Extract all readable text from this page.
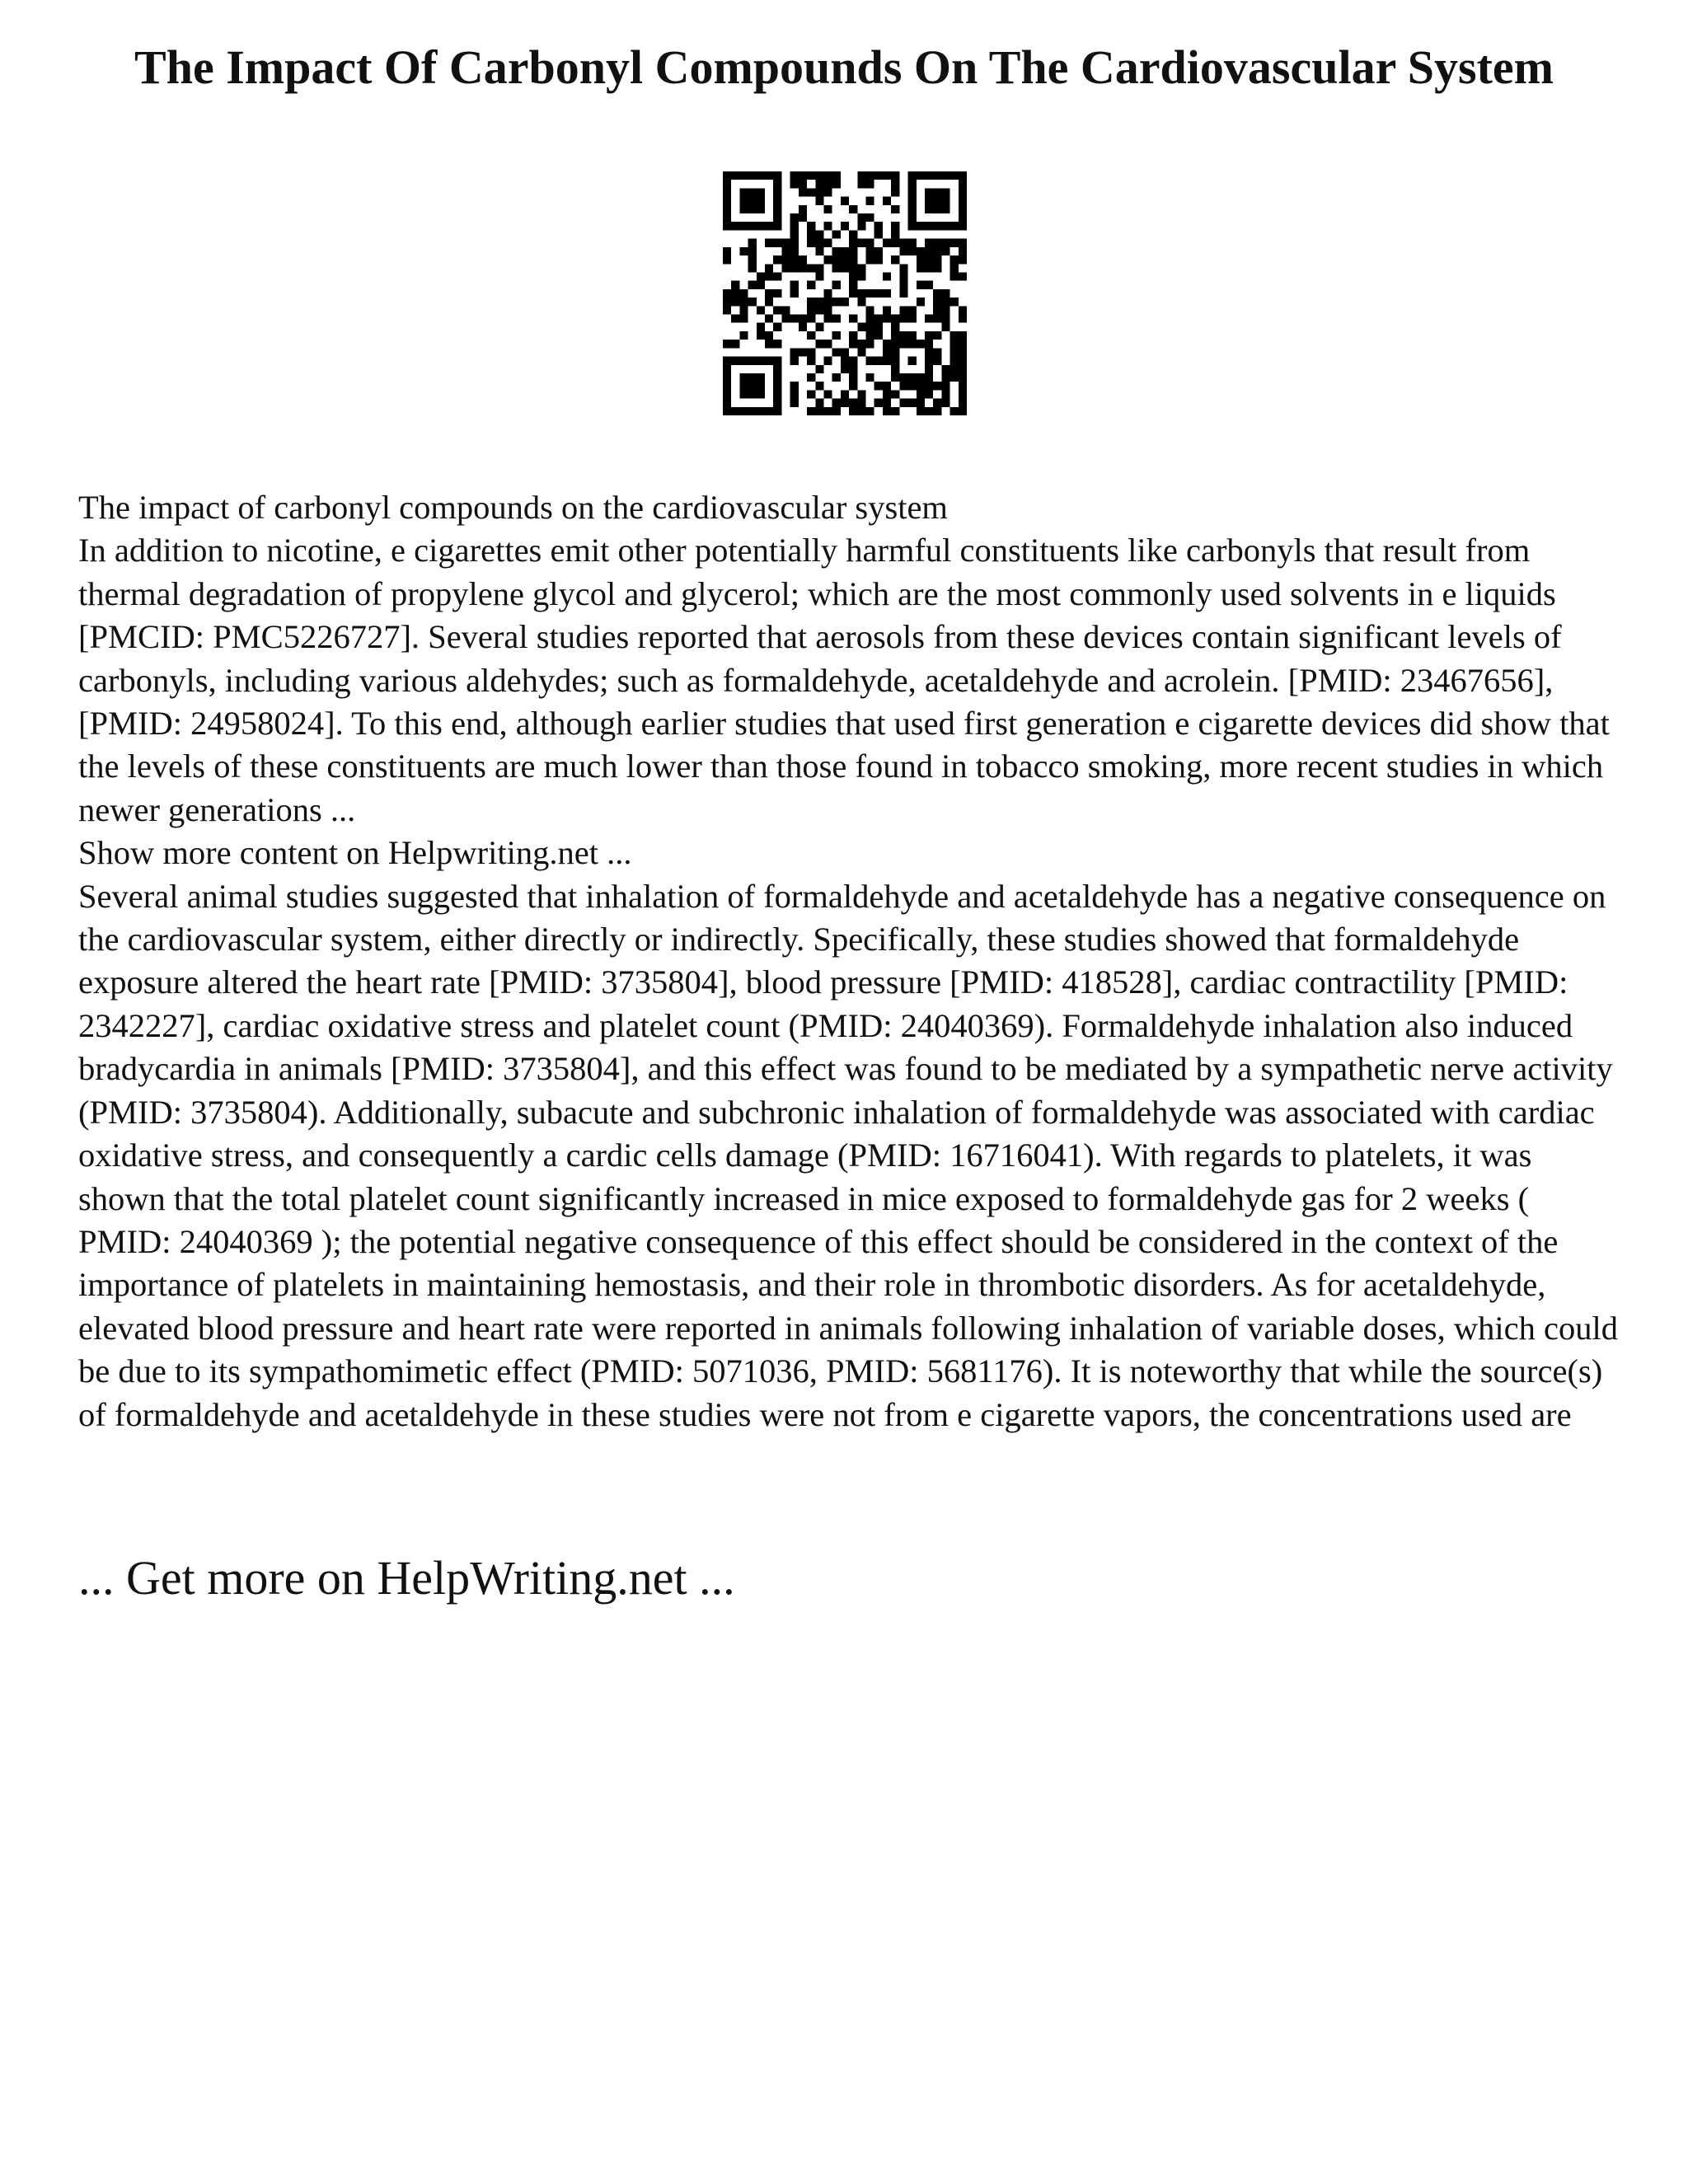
The Impact Of Carbonyl Compounds On The Cardiovascular System

The impact of carbonyl compounds on the cardiovascular system

In addition to nicotine, e cigarettes emit other potentially harmful constituents like carbonyls that result from thermal degradation of propylene glycol and glycerol; which are the most commonly used solvents in e liquids [PMCID: PMC5226727]. Several studies reported that aerosols from these devices contain significant levels of carbonyls, including various aldehydes; such as formaldehyde, acetaldehyde and acrolein. [PMID: 23467656], [PMID: 24958024]. To this end, although earlier studies that used first generation e cigarette devices did show that the levels of these constituents are much lower than those found in tobacco smoking, more recent studies in which newer generations ...

Show more content on Helpwriting.net ...

Several animal studies suggested that inhalation of formaldehyde and acetaldehyde has a negative consequence on the cardiovascular system, either directly or indirectly. Specifically, these studies showed that formaldehyde exposure altered the heart rate [PMID: 3735804], blood pressure [PMID: 418528], cardiac contractility [PMID: 2342227], cardiac oxidative stress and platelet count (PMID: 24040369). Formaldehyde inhalation also induced bradycardia in animals [PMID: 3735804], and this effect was found to be mediated by a sympathetic nerve activity (PMID: 3735804). Additionally, subacute and subchronic inhalation of formaldehyde was associated with cardiac oxidative stress, and consequently a cardic cells damage (PMID: 16716041). With regards to platelets, it was shown that the total platelet count significantly increased in mice exposed to formaldehyde gas for 2 weeks ( PMID: 24040369 ); the potential negative consequence of this effect should be considered in the context of the importance of platelets in maintaining hemostasis, and their role in thrombotic disorders. As for acetaldehyde, elevated blood pressure and heart rate were reported in animals following inhalation of variable doses, which could be due to its sympathomimetic effect (PMID: 5071036, PMID: 5681176). It is noteworthy that while the source(s) of formaldehyde and acetaldehyde in these studies were not from e cigarette vapors, the concentrations used are

... Get more on HelpWriting.net ...
